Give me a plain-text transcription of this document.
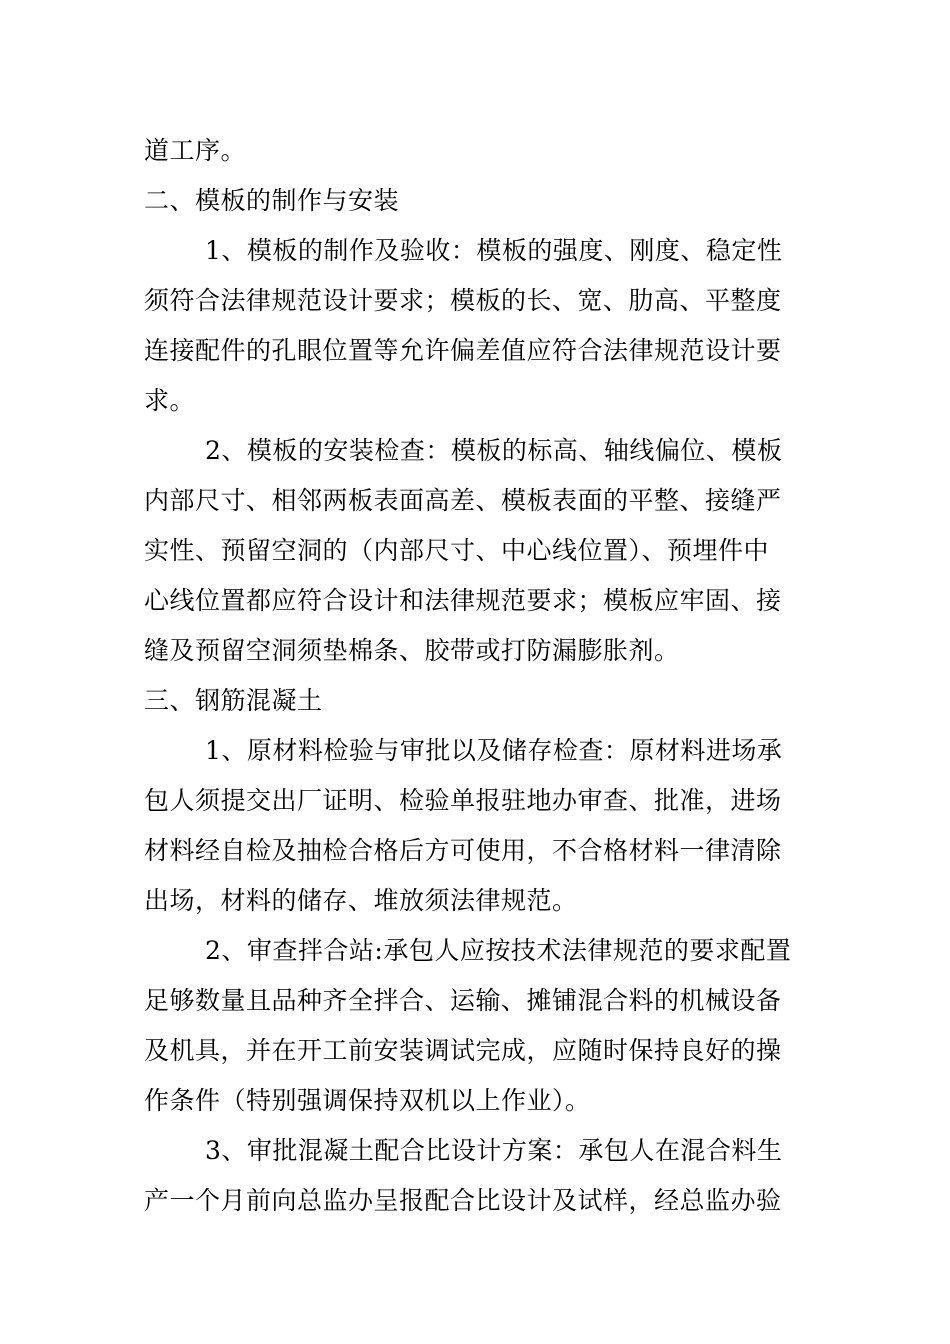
道工序。
二、模板的制作与安装
1、模板的制作及验收：模板的强度、刚度、稳定性
须符合法律规范设计要求；模板的长、宽、肋高、平整度
连接配件的孔眼位置等允许偏差值应符合法律规范设计要
求。
2、模板的安装检查：模板的标高、轴线偏位、模板
内部尺寸、相邻两板表面高差、模板表面的平整、接缝严
实性、预留空洞的（内部尺寸、中心线位置）、预埋件中
心线位置都应符合设计和法律规范要求；模板应牢固、接
缝及预留空洞须垫棉条、胶带或打防漏膨胀剂。
三、钢筋混凝土
1、原材料检验与审批以及储存检查：原材料进场承
包人须提交出厂证明、检验单报驻地办审查、批准，进场
材料经自检及抽检合格后方可使用，不合格材料一律清除
出场，材料的储存、堆放须法律规范。
2、审查拌合站:承包人应按技术法律规范的要求配置
足够数量且品种齐全拌合、运输、摊铺混合料的机械设备
及机具，并在开工前安装调试完成，应随时保持良好的操
作条件（特别强调保持双机以上作业）。
3、审批混凝土配合比设计方案：承包人在混合料生
产一个月前向总监办呈报配合比设计及试样，经总监办验
